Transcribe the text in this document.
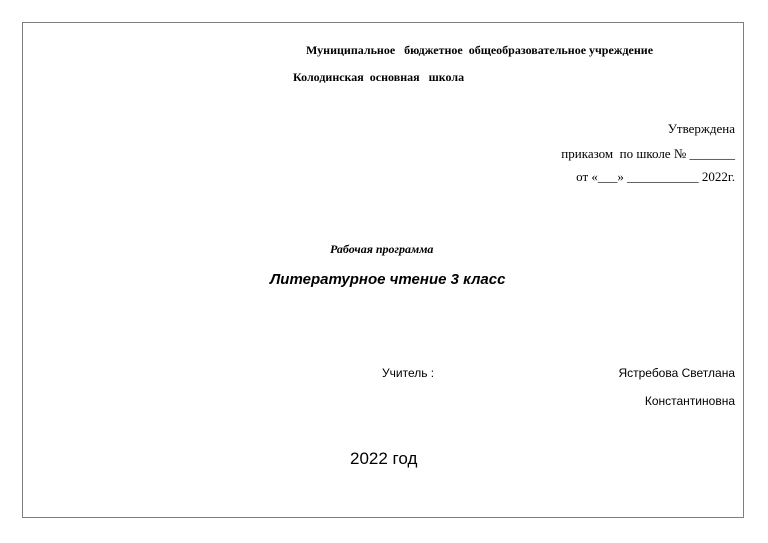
Муниципальное   бюджетное  общеобразовательное учреждение
Колодинская  основная   школа
Утверждена
приказом  по школе № _______
от «___» ___________ 2022г.
Рабочая программа
Литературное чтение 3 класс
Учитель :	Ястребова Светлана
Константиновна
2022 год
